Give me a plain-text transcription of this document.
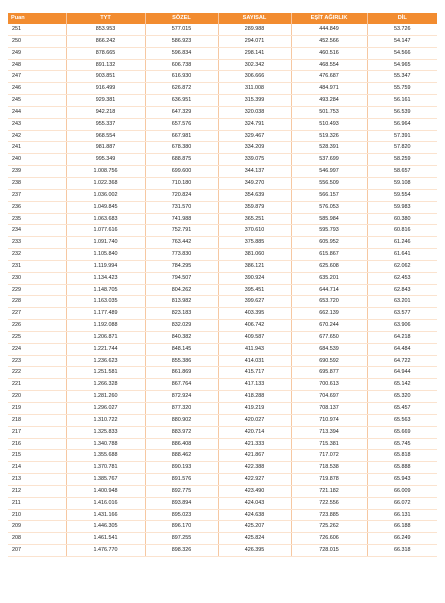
Puan	TYT	SÖZEL	SAYISAL	EŞİT AĞIRLIK	DİL
251	853.953	577.015	289.988	444.849	53.726
250	866.242	586.923	294.071	452.566	54.147
249	878.665	596.834	298.141	460.516	54.566
248	891.132	606.738	302.342	468.554	54.965
247	903.851	616.930	306.666	476.687	55.347
246	916.499	626.872	311.008	484.971	55.759
245	929.381	636.951	315.399	493.284	56.161
244	942.218	647.329	320.038	501.753	56.539
243	955.337	657.576	324.791	510.493	56.964
242	968.554	667.981	329.467	519.326	57.391
241	981.887	678.380	334.209	528.391	57.820
240	995.349	688.875	339.075	537.699	58.259
239	1.008.756	699.600	344.137	546.997	58.657
238	1.022.368	710.180	349.270	556.509	59.108
237	1.036.002	720.824	354.639	566.157	59.554
236	1.049.845	731.570	359.879	576.053	59.983
235	1.063.683	741.988	365.251	585.984	60.380
234	1.077.616	752.791	370.610	595.793	60.816
233	1.091.740	763.442	375.885	605.952	61.246
232	1.105.840	773.830	381.060	615.867	61.641
231	1.119.994	784.295	386.121	625.608	62.062
230	1.134.423	794.507	390.924	635.201	62.453
229	1.148.705	804.262	395.451	644.714	62.843
228	1.163.035	813.982	399.627	653.720	63.201
227	1.177.489	823.183	403.395	662.139	63.577
226	1.192.088	832.029	406.742	670.244	63.906
225	1.206.871	840.382	409.587	677.650	64.218
224	1.221.744	848.145	411.943	684.539	64.484
223	1.236.623	855.386	414.031	690.592	64.722
222	1.251.581	861.869	415.717	695.877	64.944
221	1.266.328	867.764	417.133	700.613	65.142
220	1.281.260	872.924	418.288	704.697	65.320
219	1.296.027	877.320	419.219	708.137	65.457
218	1.310.722	880.902	420.027	710.974	65.563
217	1.325.833	883.972	420.714	713.394	65.669
216	1.340.788	886.408	421.333	715.381	65.745
215	1.355.688	888.462	421.867	717.072	65.818
214	1.370.781	890.193	422.388	718.538	65.888
213	1.385.767	891.576	422.927	719.878	65.943
212	1.400.948	892.775	423.490	721.182	66.009
211	1.416.016	893.894	424.043	722.556	66.072
210	1.431.166	895.023	424.638	723.885	66.131
209	1.446.305	896.170	425.207	725.262	66.188
208	1.461.541	897.255	425.824	726.606	66.249
207	1.476.770	898.326	426.395	728.015	66.318
